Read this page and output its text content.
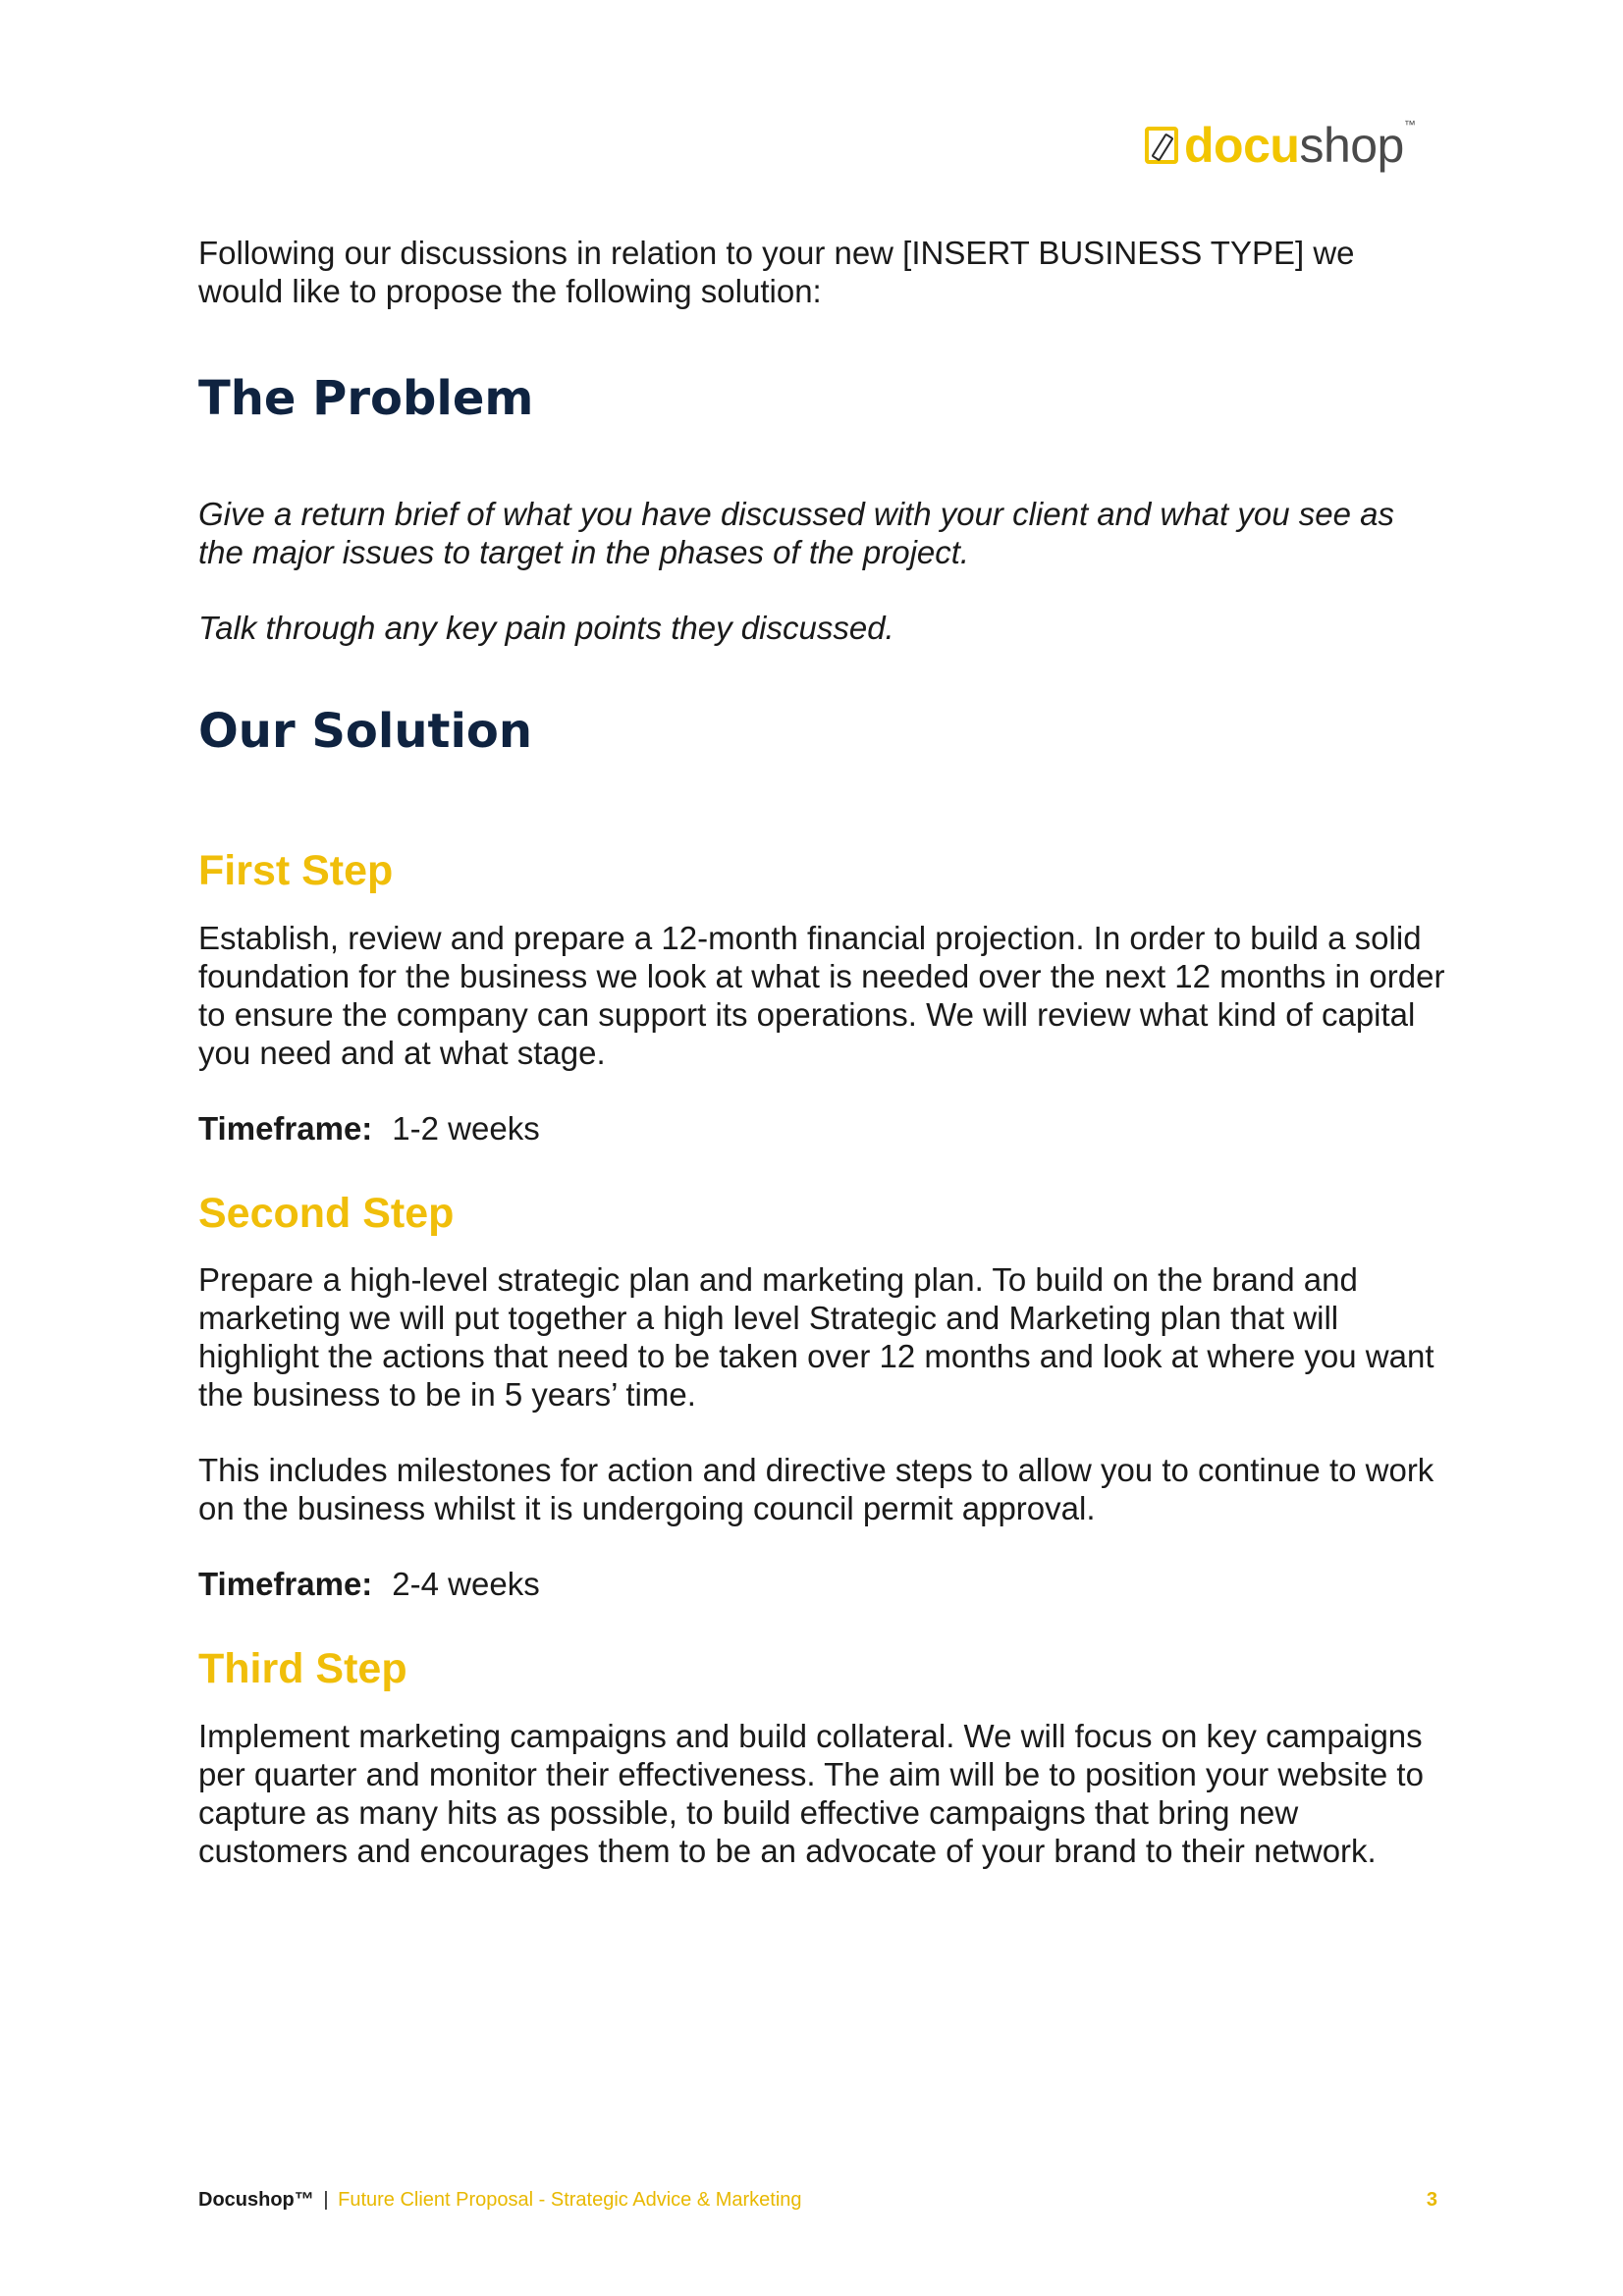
docushop™

Following our discussions in relation to your new [INSERT BUSINESS TYPE] we would like to propose the following solution:

The Problem

Give a return brief of what you have discussed with your client and what you see as the major issues to target in the phases of the project.

Talk through any key pain points they discussed.

Our Solution
First Step

Establish, review and prepare a 12-month financial projection. In order to build a solid foundation for the business we look at what is needed over the next 12 months in order to ensure the company can support its operations. We will review what kind of capital you need and at what stage.

Timeframe: 1-2 weeks

Second Step

Prepare a high-level strategic plan and marketing plan. To build on the brand and marketing we will put together a high level Strategic and Marketing plan that will highlight the actions that need to be taken over 12 months and look at where you want the business to be in 5 years’ time.

This includes milestones for action and directive steps to allow you to continue to work on the business whilst it is undergoing council permit approval.

Timeframe: 2-4 weeks

Third Step

Implement marketing campaigns and build collateral. We will focus on key campaigns per quarter and monitor their effectiveness. The aim will be to position your website to capture as many hits as possible, to build effective campaigns that bring new customers and encourages them to be an advocate of your brand to their network.

Docushop™ | Future Client Proposal - Strategic Advice & Marketing	3
